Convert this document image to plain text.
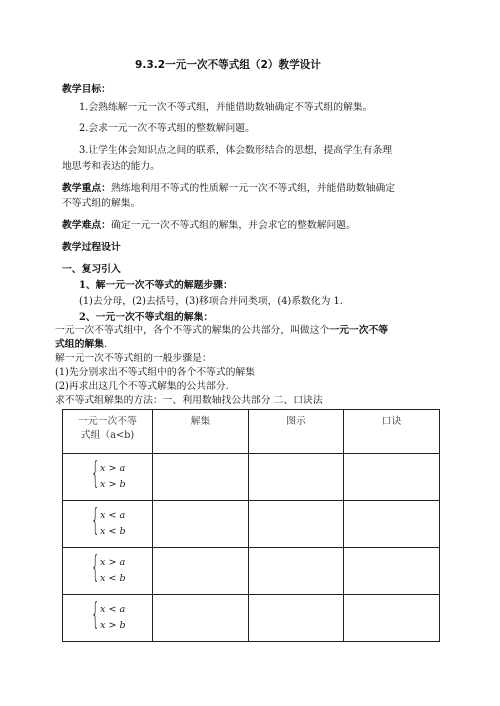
9.3.2一元一次不等式组（2）教学设计
教学目标：
1.会熟练解一元一次不等式组，并能借助数轴确定不等式组的解集。
2.会求一元一次不等式组的整数解问题。
3.让学生体会知识点之间的联系，体会数形结合的思想，提高学生有条理
地思考和表达的能力。
教学重点：熟练地利用不等式的性质解一元一次不等式组，并能借助数轴确定
不等式组的解集。
教学难点：确定一元一次不等式组的解集，并会求它的整数解问题。
教学过程设计
一、复习引入
1、解一元一次不等式的解题步骤：
(1)去分母，(2)去括号，(3)移项合并同类项，(4)系数化为 1.
2、一元一次不等式组的解集：
一元一次不等式组中，各个不等式的解集的公共部分，叫做这个一元一次不等
式组的解集.
解一元一次不等式组的一般步骤是：
(1)先分别求出不等式组中的各个不等式的解集
(2)再求出这几个不等式解集的公共部分.
求不等式组解集的方法：一、利用数轴找公共部分 二、口诀法
一元一次不等
式组（a<b)	解集	图示	口诀

{ x > a
x > b			

{ x < a
x < b			

{ x > a
x < b			

{ x < a
x > b			
